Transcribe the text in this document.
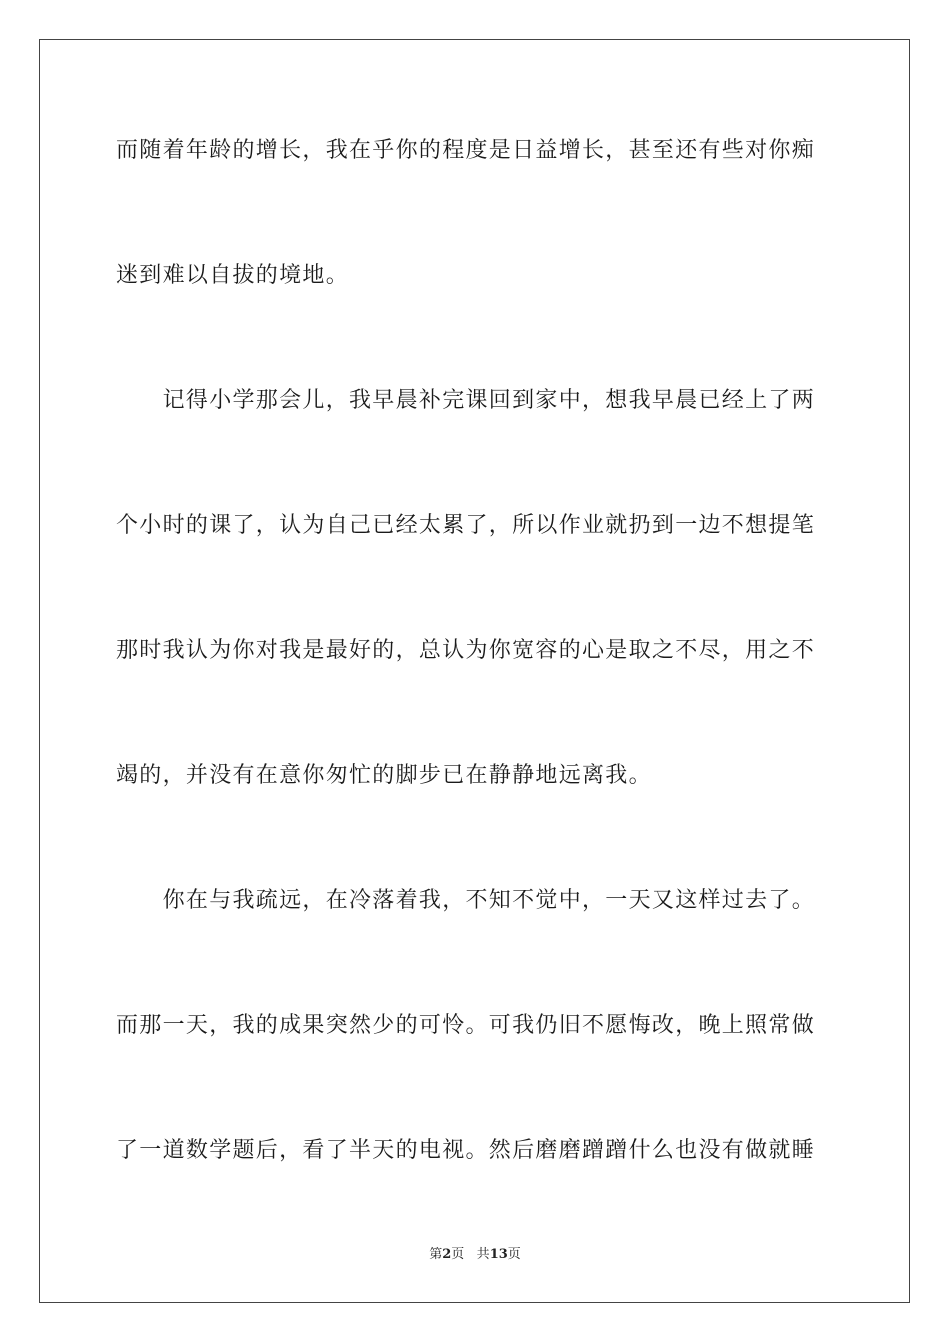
而随着年龄的增长，我在乎你的程度是日益增长，甚至还有些对你痴
迷到难以自拔的境地。
　　记得小学那会儿，我早晨补完课回到家中，想我早晨已经上了两
个小时的课了，认为自己已经太累了，所以作业就扔到一边不想提笔
那时我认为你对我是最好的，总认为你宽容的心是取之不尽，用之不
竭的，并没有在意你匆忙的脚步已在静静地远离我。
　　你在与我疏远，在冷落着我，不知不觉中，一天又这样过去了。
而那一天，我的成果突然少的可怜。可我仍旧不愿悔改，晚上照常做
了一道数学题后，看了半天的电视。然后磨磨蹭蹭什么也没有做就睡
第2页 共13页
